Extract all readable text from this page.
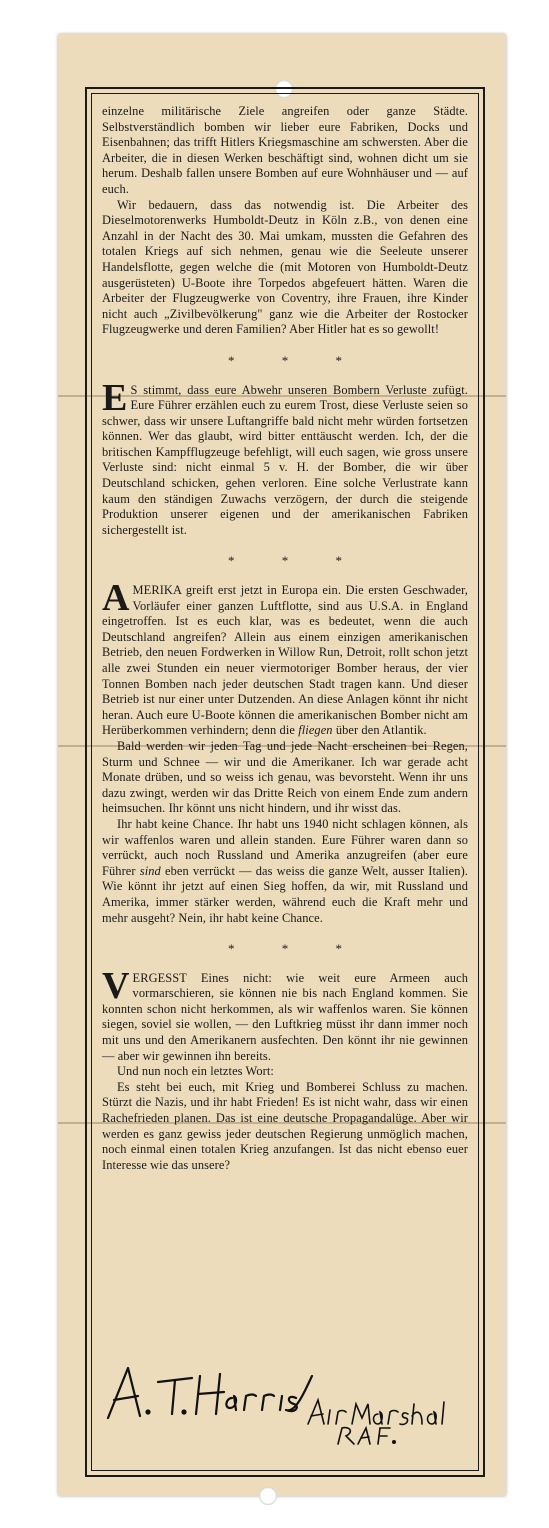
einzelne militärische Ziele angreifen oder ganze Städte. Selbstverständlich bomben wir lieber eure Fabriken, Docks und Eisenbahnen; das trifft Hitlers Kriegsmaschine am schwersten. Aber die Arbeiter, die in diesen Werken beschäftigt sind, wohnen dicht um sie herum. Deshalb fallen unsere Bomben auf eure Wohnhäuser und — auf euch.

Wir bedauern, dass das notwendig ist. Die Arbeiter des Dieselmotorenwerks Humboldt-Deutz in Köln z.B., von denen eine Anzahl in der Nacht des 30. Mai umkam, mussten die Gefahren des totalen Kriegs auf sich nehmen, genau wie die Seeleute unserer Handelsflotte, gegen welche die (mit Motoren von Humboldt-Deutz ausgerüsteten) U-Boote ihre Torpedos abgefeuert hätten. Waren die Arbeiter der Flugzeugwerke von Coventry, ihre Frauen, ihre Kinder nicht auch „Zivilbevölkerung" ganz wie die Arbeiter der Rostocker Flugzeugwerke und deren Familien? Aber Hitler hat es so gewollt!

* * *

E S stimmt, dass eure Abwehr unseren Bombern Verluste zufügt. Eure Führer erzählen euch zu eurem Trost, diese Verluste seien so schwer, dass wir unsere Luftangriffe bald nicht mehr würden fortsetzen können. Wer das glaubt, wird bitter enttäuscht werden. Ich, der die britischen Kampfflugzeuge befehligt, will euch sagen, wie gross unsere Verluste sind: nicht einmal 5 v. H. der Bomber, die wir über Deutschland schicken, gehen verloren. Eine solche Verlustrate kann kaum den ständigen Zuwachs verzögern, der durch die steigende Produktion unserer eigenen und der amerikanischen Fabriken sichergestellt ist.

* * *

AMERIKA greift erst jetzt in Europa ein. Die ersten Geschwader, Vorläufer einer ganzen Luftflotte, sind aus U.S.A. in England eingetroffen. Ist es euch klar, was es bedeutet, wenn die auch Deutschland angreifen? Allein aus einem einzigen amerikanischen Betrieb, den neuen Fordwerken in Willow Run, Detroit, rollt schon jetzt alle zwei Stunden ein neuer viermotoriger Bomber heraus, der vier Tonnen Bomben nach jeder deutschen Stadt tragen kann. Und dieser Betrieb ist nur einer unter Dutzenden. An diese Anlagen könnt ihr nicht heran. Auch eure U-Boote können die amerikanischen Bomber nicht am Herüberkommen verhindern; denn die fliegen über den Atlantik.

Bald werden wir jeden Tag und jede Nacht erscheinen bei Regen, Sturm und Schnee — wir und die Amerikaner. Ich war gerade acht Monate drüben, und so weiss ich genau, was bevorsteht. Wenn ihr uns dazu zwingt, werden wir das Dritte Reich von einem Ende zum andern heimsuchen. Ihr könnt uns nicht hindern, und ihr wisst das.

Ihr habt keine Chance. Ihr habt uns 1940 nicht schlagen können, als wir waffenlos waren und allein standen. Eure Führer waren dann so verrückt, auch noch Russland und Amerika anzugreifen (aber eure Führer sind eben verrückt — das weiss die ganze Welt, ausser Italien). Wie könnt ihr jetzt auf einen Sieg hoffen, da wir, mit Russland und Amerika, immer stärker werden, während euch die Kraft mehr und mehr ausgeht? Nein, ihr habt keine Chance.

* * *

VERGESST Eines nicht: wie weit eure Armeen auch vormarschieren, sie können nie bis nach England kommen. Sie konnten schon nicht herkommen, als wir waffenlos waren. Sie können siegen, soviel sie wollen, — den Luftkrieg müsst ihr dann immer noch mit uns und den Amerikanern ausfechten. Den könnt ihr nie gewinnen — aber wir gewinnen ihn bereits.

Und nun noch ein letztes Wort:

Es steht bei euch, mit Krieg und Bomberei Schluss zu machen. Stürzt die Nazis, und ihr habt Frieden! Es ist nicht wahr, dass wir einen Rachefrieden planen. Das ist eine deutsche Propagandalüge. Aber wir werden es ganz gewiss jeder deutschen Regierung unmöglich machen, noch einmal einen totalen Krieg anzufangen. Ist das nicht ebenso euer Interesse wie das unsere?
